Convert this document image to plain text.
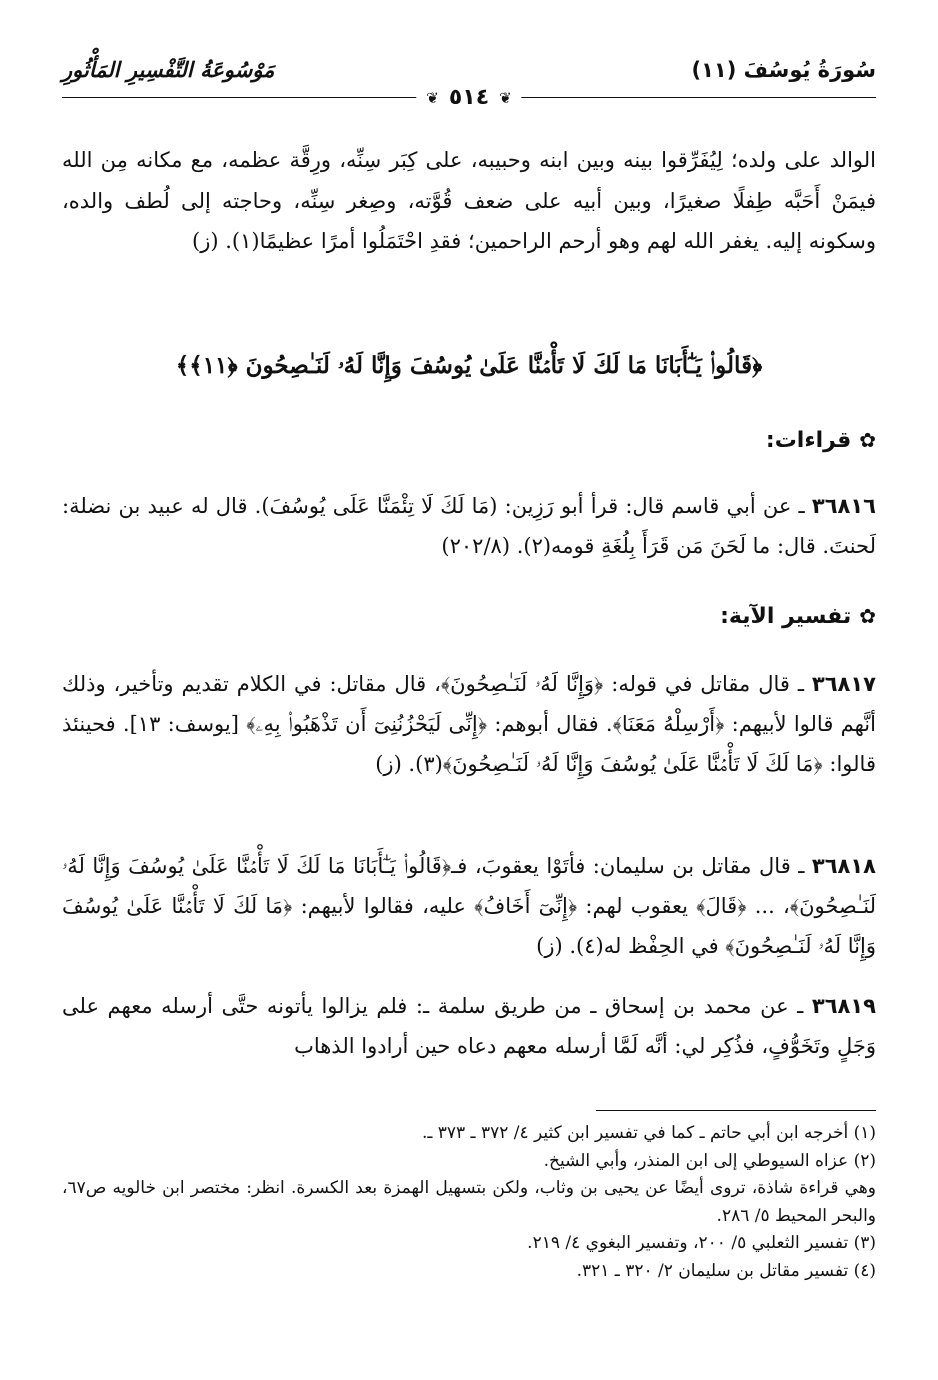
سُورَةُ يُوسُفَ (١١)
مَوْسُوعَةُ التَّفْسِيرِ المَأْثُورِ
❦ ٥١٤ ❦

الوالد على ولده؛ لِيُفَرِّقوا بينه وبين ابنه وحبيبه، على كِبَر سِنِّه، ورِقَّة عظمه، مع مكانه مِن الله فيمَنْ أَحَبَّه طِفلًا صغيرًا، وبين أبيه على ضعف قُوَّته، وصِغر سِنِّه، وحاجته إلى لُطف والده، وسكونه إليه. يغفر الله لهم وهو أرحم الراحمين؛ فقدِ احْتَمَلُوا أمرًا عظيمًا(١). (ز)

﴿قَالُوا۟ يَـٰٓأَبَانَا مَا لَكَ لَا تَأْمَ۬نَّا عَلَىٰ يُوسُفَ وَإِنَّا لَهُۥ لَنَـٰصِحُونَ ﴿١١﴾﴾
✿قراءات:
٣٦٨١٦ ـ عن أبي قاسم قال: قرأ أبو رَزِين: (مَا لَكَ لَا تِئْمَنَّا عَلَى يُوسُفَ). قال له عبيد بن نضلة: لَحنتَ. قال: ما لَحَنَ مَن قَرَأَ بِلُغَةِ قومه(٢). (٢٠٢/٨)
✿تفسير الآية:
٣٦٨١٧ ـ قال مقاتل في قوله: ﴿وَإِنَّا لَهُۥ لَنَـٰصِحُونَ﴾، قال مقاتل: في الكلام تقديم وتأخير، وذلك أنَّهم قالوا لأبيهم: ﴿أَرْسِلْهُ مَعَنَا﴾. فقال أبوهم: ﴿إِنِّى لَيَحْزُنُنِىٓ أَن تَذْهَبُوا۟ بِهِۦ﴾ [يوسف: ١٣]. فحينئذ قالوا: ﴿مَا لَكَ لَا تَأْمَ۬نَّا عَلَىٰ يُوسُفَ وَإِنَّا لَهُۥ لَنَـٰصِحُونَ﴾(٣). (ز)
٣٦٨١٨ ـ قال مقاتل بن سليمان: فأتَوْا يعقوبَ، فـ﴿قَالُوا۟ يَـٰٓأَبَانَا مَا لَكَ لَا تَأْمَ۬نَّا عَلَىٰ يُوسُفَ وَإِنَّا لَهُۥ لَنَـٰصِحُونَ﴾، ... ﴿قَالَ﴾ يعقوب لهم: ﴿إِنِّىٓ أَخَافُ﴾ عليه، فقالوا لأبيهم: ﴿مَا لَكَ لَا تَأْمَ۬نَّا عَلَىٰ يُوسُفَ وَإِنَّا لَهُۥ لَنَـٰصِحُونَ﴾ في الحِفْظ له(٤). (ز)
٣٦٨١٩ ـ عن محمد بن إسحاق ـ من طريق سلمة ـ: فلم يزالوا يأتونه حتَّى أرسله معهم على وَجَلٍ وتَخَوُّفٍ، فذُكِر لي: أنَّه لَمَّا أرسله معهم دعاه حين أرادوا الذهاب

(١) أخرجه ابن أبي حاتم ـ كما في تفسير ابن كثير ٤/ ٣٧٢ ـ ٣٧٣ ـ.

(٢) عزاه السيوطي إلى ابن المنذر، وأبي الشيخ.

وهي قراءة شاذة، تروى أيضًا عن يحيى بن وثاب، ولكن بتسهيل الهمزة بعد الكسرة. انظر: مختصر ابن خالويه ص٦٧، والبحر المحيط ٥/ ٢٨٦.

(٣) تفسير الثعلبي ٥/ ٢٠٠، وتفسير البغوي ٤/ ٢١٩.

(٤) تفسير مقاتل بن سليمان ٢/ ٣٢٠ ـ ٣٢١.
